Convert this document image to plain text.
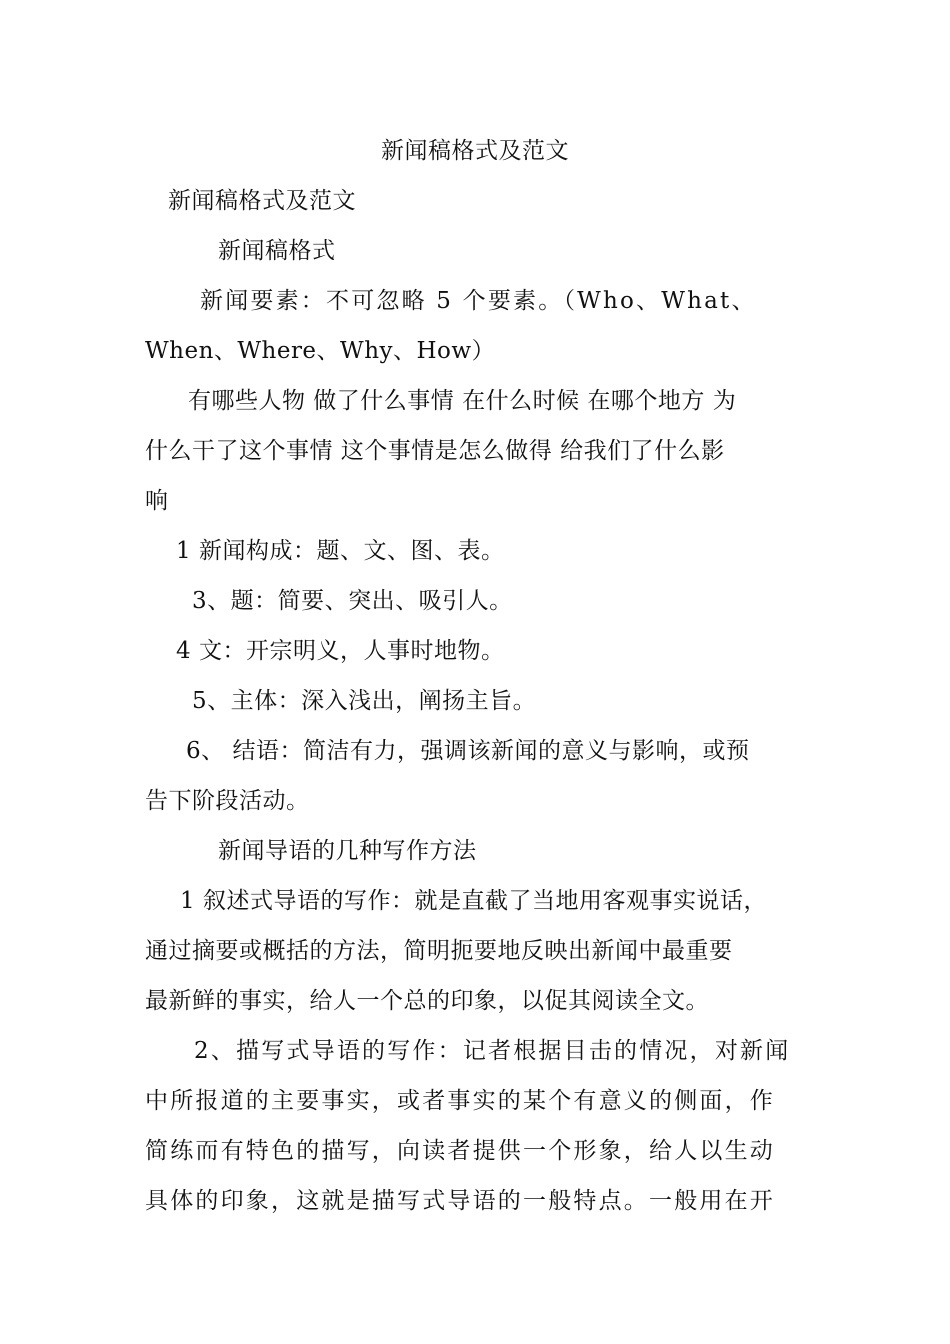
新闻稿格式及范文
新闻稿格式及范文
新闻稿格式
新闻要素：不可忽略 5 个要素。（Who、What、
When、Where、Why、How）
有哪些人物 做了什么事情 在什么时候 在哪个地方 为
什么干了这个事情 这个事情是怎么做得 给我们了什么影
响
1 新闻构成：题、文、图、表。
3、题：简要、突出、吸引人。
4 文：开宗明义，人事时地物。
5、主体：深入浅出，阐扬主旨。
6、 结语：简洁有力，强调该新闻的意义与影响，或预
告下阶段活动。
新闻导语的几种写作方法
1 叙述式导语的写作：就是直截了当地用客观事实说话，
通过摘要或概括的方法，简明扼要地反映出新闻中最重要
最新鲜的事实，给人一个总的印象，以促其阅读全文。
2、描写式导语的写作：记者根据目击的情况，对新闻
中所报道的主要事实，或者事实的某个有意义的侧面，作
简练而有特色的描写，向读者提供一个形象，给人以生动
具体的印象，这就是描写式导语的一般特点。一般用在开
